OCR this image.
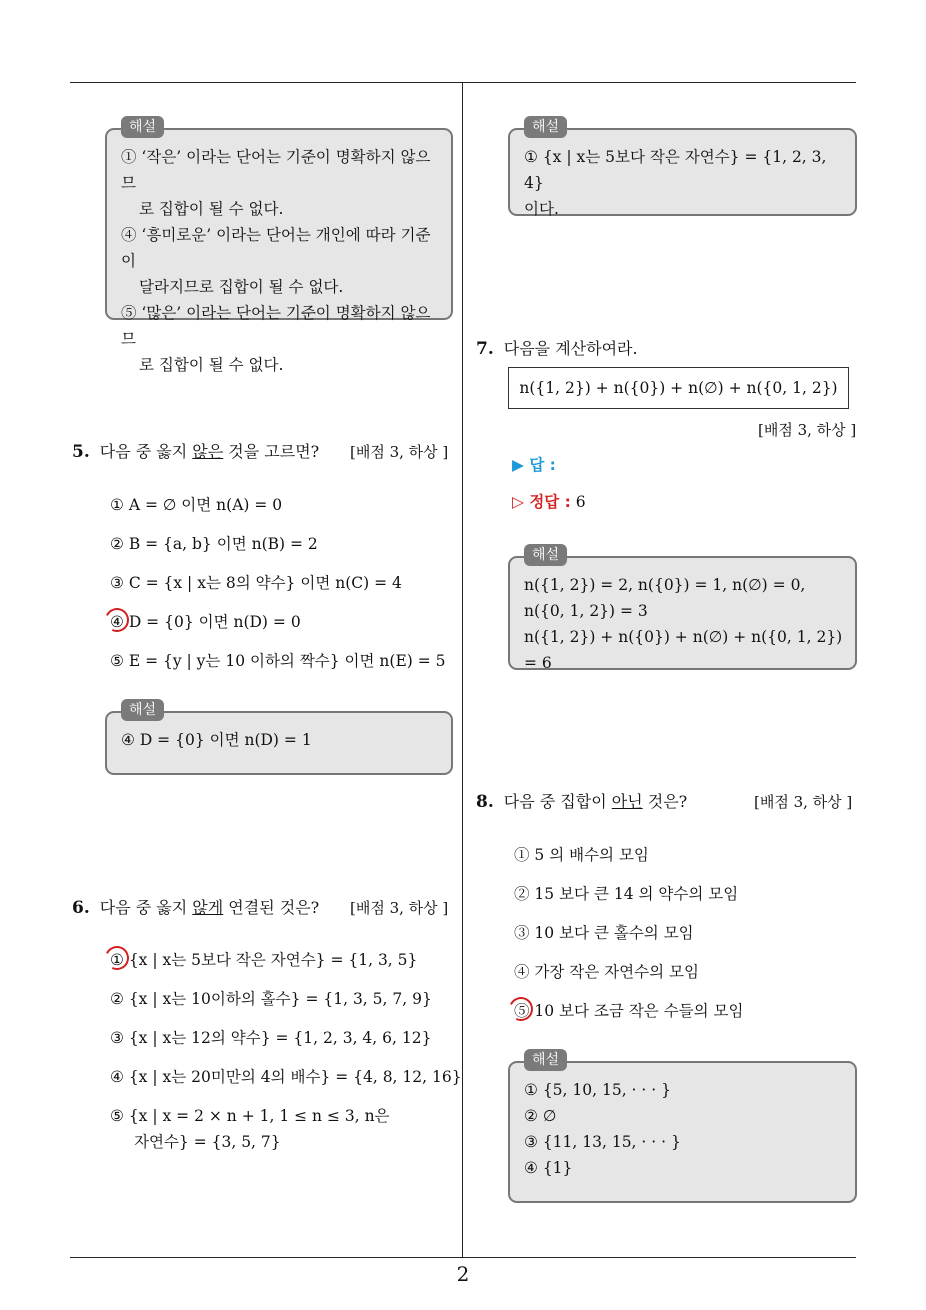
2
해설

① ‘작은’ 이라는 단어는 기준이 명확하지 않으므

로 집합이 될 수 없다.

④ ‘흥미로운’ 이라는 단어는 개인에 따라 기준이

달라지므로 집합이 될 수 없다.

⑤ ‘많은’ 이라는 단어는 기준이 명확하지 않으므

로 집합이 될 수 없다.

5. 다음 중 옳지 않은 것을 고르면? [배점 3, 하상 ]
① A = ∅ 이면 n(A) = 0
② B = {a, b} 이면 n(B) = 2
③ C = {x | x는 8의 약수} 이면 n(C) = 4
④ D = {0} 이면 n(D) = 0
⑤ E = {y | y는 10 이하의 짝수} 이면 n(E) = 5
해설

④ D = {0} 이면 n(D) = 1

6. 다음 중 옳지 않게 연결된 것은? [배점 3, 하상 ]
① {x | x는 5보다 작은 자연수} = {1, 3, 5}
② {x | x는 10이하의 홀수} = {1, 3, 5, 7, 9}
③ {x | x는 12의 약수} = {1, 2, 3, 4, 6, 12}
④ {x | x는 20미만의 4의 배수} = {4, 8, 12, 16}
⑤ {x | x = 2 × n + 1, 1 ≤ n ≤ 3, n은
자연수} = {3, 5, 7}
해설

① {x | x는 5보다 작은 자연수} = {1, 2, 3, 4}

이다.

7. 다음을 계산하여라.
n({1, 2}) + n({0}) + n(∅) + n({0, 1, 2})
[배점 3, 하상 ]
▶ 답 :
▷ 정답 : 6
해설

n({1, 2}) = 2, n({0}) = 1, n(∅) = 0,

n({0, 1, 2}) = 3

n({1, 2}) + n({0}) + n(∅) + n({0, 1, 2}) = 6

8. 다음 중 집합이 아닌 것은?	[배점 3, 하상 ]
① 5 의 배수의 모임
② 15 보다 큰 14 의 약수의 모임
③ 10 보다 큰 홀수의 모임
④ 가장 작은 자연수의 모임
⑤ 10 보다 조금 작은 수들의 모임
해설

① {5, 10, 15, · · · }

② ∅

③ {11, 13, 15, · · · }

④ {1}
